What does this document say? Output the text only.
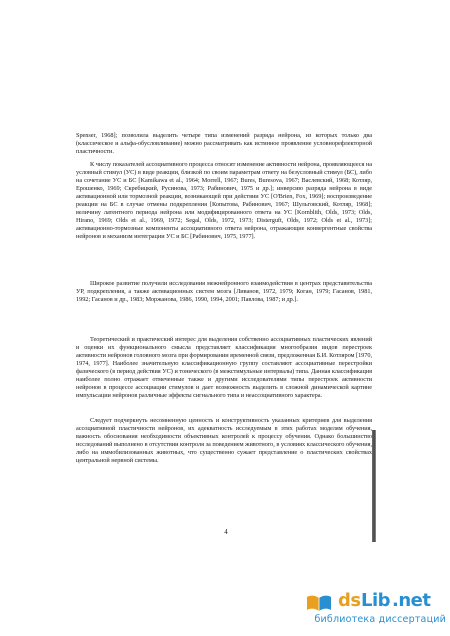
Spenser, 1968]; позволила выделить четыре типа изменений разряда нейрона, из которых только два (классическое и альфа-обусловливание) можно рассматривать как истинное проявление условнорефлекторной пластичности.

К числу показателей ассоциативного процесса относят изменение активности нейрона, проявляющееся на условный стимул (УС) в виде реакции, близкой по своим параметрам ответу на безусловный стимул (БС), либо на сочетание УС и БС [Kamikawa et al., 1964; Morrell, 1967; Bures, Buresova, 1967; Васлевский, 1968; Котляр, Ерошенко, 1969; Скребицкий, Русинова, 1973; Рабинович, 1975 и др.]; инверсию разряда нейрона в виде активационной или тормозной реакции, возникающей при действии УС [O'Brien, Fox, 1969]; воспроизведение реакции на БС в случае отмены подкрепления [Копытова, Рабинович, 1967; Шульговский, Котляр, 1968]; величину латентного периода нейрона или модифицированного ответа на УС [Kornblith, Olds, 1973; Olds, Hirano, 1969; Olds et al., 1969, 1972; Segal, Olds, 1972, 1973; Disterguft, Olds, 1972; Olds et al., 1973]; активационно-тормозные компоненты ассоциативного ответа нейрона, отражающие конвергентные свойства нейронов и механизм интеграции УС и БС [Рабинович, 1975, 1977].

Широкое развитие получили исследования межнейронного взаимодействия в центрах представительства УР, подкрепления, а также активационных систем мозга [Ливанов, 1972, 1979; Коган, 1979; Гасанов, 1981, 1992; Гасанов и др., 1983; Моржанова, 1986, 1990, 1994, 2001; Павлова, 1987; и др.].

Теоретический и практический интерес для выделения собственно ассоциативных пластических явлений и оценки их функционального смысла представляет классификация многообразия видов перестроек активности нейронов головного мозга при формировании временной связи, предложенная Б.И. Котляром [1970, 1974, 1977]. Наиболее значительную классификационную группу составляют ассоциативные перестройки фазического (в период действия УС) и тонического (в межстимульные интервалы) типа. Данная классификация наиболее полно отражает отмеченные также и другими исследователями типы перестроек активности нейронов в процессе ассоциации стимулов и дает возможность выделить в сложной динамической картине импульсации нейронов различные эффекты сигнального типа и неассоциативного характера.

Следует подчеркнуть несомненную ценность и конструктивность указанных критериев для выделения ассоциативной пластичности нейронов, их адекватность исследуемым в этих работах моделям обучения, важность обоснования необходимости объективных контролей к процессу обучения. Однако большинство исследований выполнено в отсутствии контроля за поведением животного, в условиях классического обучения, либо на иммобилизованных животных, что существенно сужает представление о пластических свойствах центральной нервной системы.

4
ds Lib .net
библиотека диссертаций
